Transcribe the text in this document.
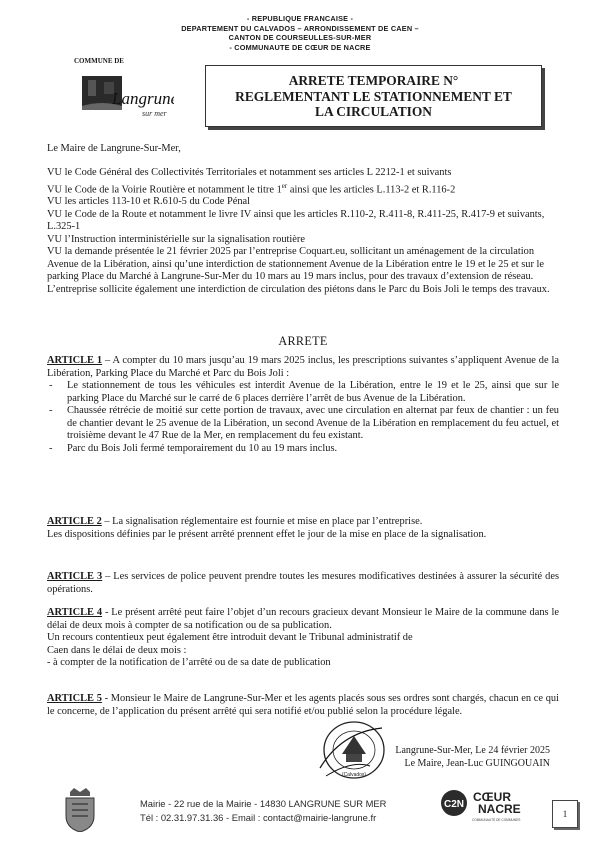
- REPUBLIQUE FRANCAISE -
DEPARTEMENT DU CALVADOS – ARRONDISSEMENT DE CAEN –
CANTON DE COURSEULLES-SUR-MER
- COMMUNAUTE DE CŒUR DE NACRE
COMMUNE DE
Langrune
sur mer
ARRETE TEMPORAIRE N°
REGLEMENTANT LE STATIONNEMENT ET
LA CIRCULATION
Le Maire de Langrune-Sur-Mer,

VU le Code Général des Collectivités Territoriales et notamment ses articles L 2212-1 et suivants

VU le Code de la Voirie Routière et notamment le titre 1er ainsi que les articles L.113-2 et R.116-2

VU les articles 113-10 et R.610-5 du Code Pénal

VU le Code de la Route et notamment le livre IV ainsi que les articles R.110-2, R.411-8, R.411-25, R.417-9 et suivants, L.325-1

VU l’Instruction interministérielle sur la signalisation routière

VU la demande présentée le 21 février 2025 par l’entreprise Coquart.eu, sollicitant un aménagement de la circulation Avenue de la Libération, ainsi qu’une interdiction de stationnement Avenue de la Libération entre le 19 et le 25 et sur le parking Place du Marché à Langrune-Sur-Mer du 10 mars au 19 mars inclus, pour des travaux d’extension de réseau. L’entreprise sollicite également une interdiction de circulation des piétons dans le Parc du Bois Joli le temps des travaux.

ARRETE

ARTICLE 1 – A compter du 10 mars jusqu’au 19 mars 2025 inclus, les prescriptions suivantes s’appliquent Avenue de la Libération, Parking Place du Marché et Parc du Bois Joli :

- Le stationnement de tous les véhicules est interdit Avenue de la Libération, entre le 19 et le 25, ainsi que sur le parking Place du Marché sur le carré de 6 places derrière l’arrêt de bus Avenue de la Libération.
- Chaussée rétrécie de moitié sur cette portion de travaux, avec une circulation en alternat par feux de chantier : un feu de chantier devant le 25 avenue de la Libération, un second Avenue de la Libération en remplacement du feu actuel, et troisième devant le 47 Rue de la Mer, en remplacement du feu existant.
- Parc du Bois Joli fermé temporairement du 10 au 19 mars inclus.

ARTICLE 2 – La signalisation réglementaire est fournie et mise en place par l’entreprise.

Les dispositions définies par le présent arrêté prennent effet le jour de la mise en place de la signalisation.

ARTICLE 3 – Les services de police peuvent prendre toutes les mesures modificatives destinées à assurer la sécurité des opérations.

ARTICLE 4 - Le présent arrêté peut faire l’objet d’un recours gracieux devant Monsieur le Maire de la commune dans le délai de deux mois à compter de sa notification ou de sa publication.

Un recours contentieux peut également être introduit devant le Tribunal administratif de

Caen dans le délai de deux mois :

- à compter de la notification de l’arrêté ou de sa date de publication

ARTICLE 5 - Monsieur le Maire de Langrune-Sur-Mer et les agents placés sous ses ordres sont chargés, chacun en ce qui le concerne, de l’application du présent arrêté qui sera notifié et/ou publié selon la procédure légale.

(Calvados)
Langrune-Sur-Mer, Le 24 février 2025
Le Maire, Jean-Luc GUINGOUAIN
Mairie - 22 rue de la Mairie - 14830 LANGRUNE SUR MER
Tél : 02.31.97.31.36 - Email : contact@mairie-langrune.fr
C2N
CŒUR
NACRE
COMMUNAUTÉ DE COMMUNES
1
